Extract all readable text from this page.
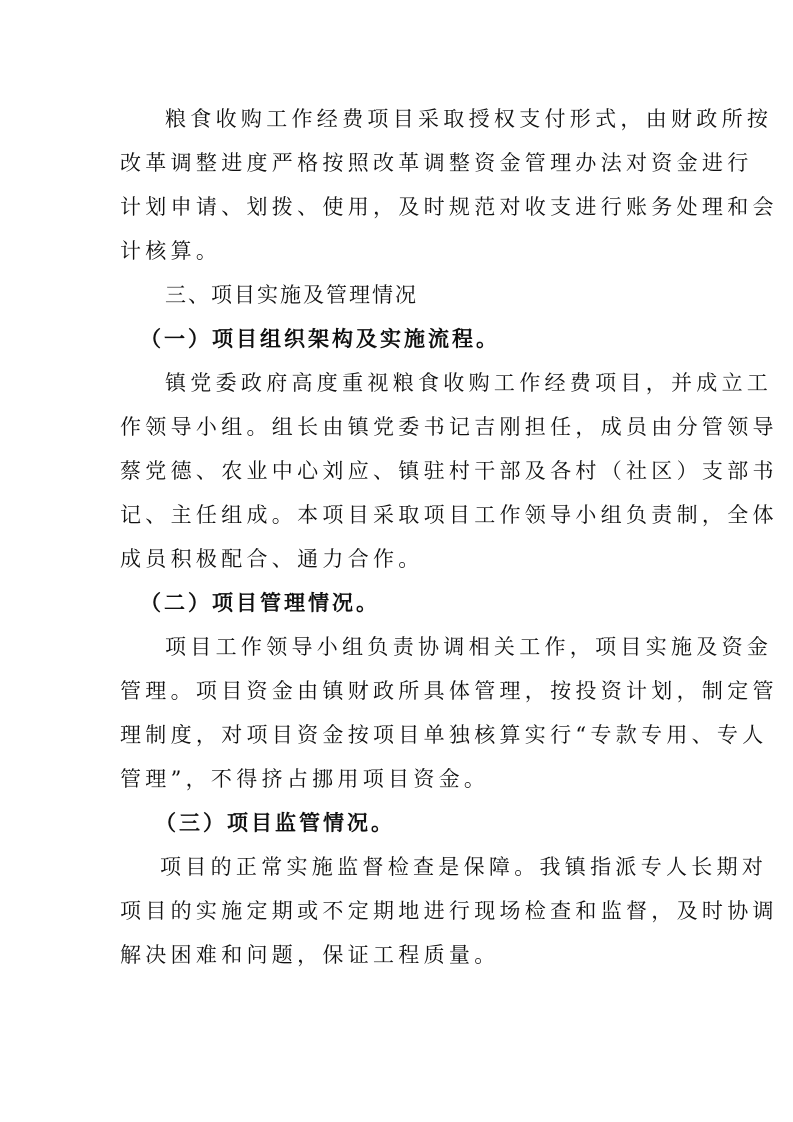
粮食收购工作经费项目采取授权支付形式，由财政所按
改革调整进度严格按照改革调整资金管理办法对资金进行
计划申请、划拨、使用，及时规范对收支进行账务处理和会
计核算。
三、项目实施及管理情况
（一）项目组织架构及实施流程。
镇党委政府高度重视粮食收购工作经费项目，并成立工
作领导小组。组长由镇党委书记吉刚担任，成员由分管领导
蔡党德、农业中心刘应、镇驻村干部及各村（社区）支部书
记、主任组成。本项目采取项目工作领导小组负责制，全体
成员积极配合、通力合作。
（二）项目管理情况。
项目工作领导小组负责协调相关工作，项目实施及资金
管理。项目资金由镇财政所具体管理，按投资计划，制定管
理制度，对项目资金按项目单独核算实行“专款专用、专人
管理”，不得挤占挪用项目资金。
（三）项目监管情况。
项目的正常实施监督检查是保障。我镇指派专人长期对
项目的实施定期或不定期地进行现场检查和监督，及时协调
解决困难和问题，保证工程质量。
